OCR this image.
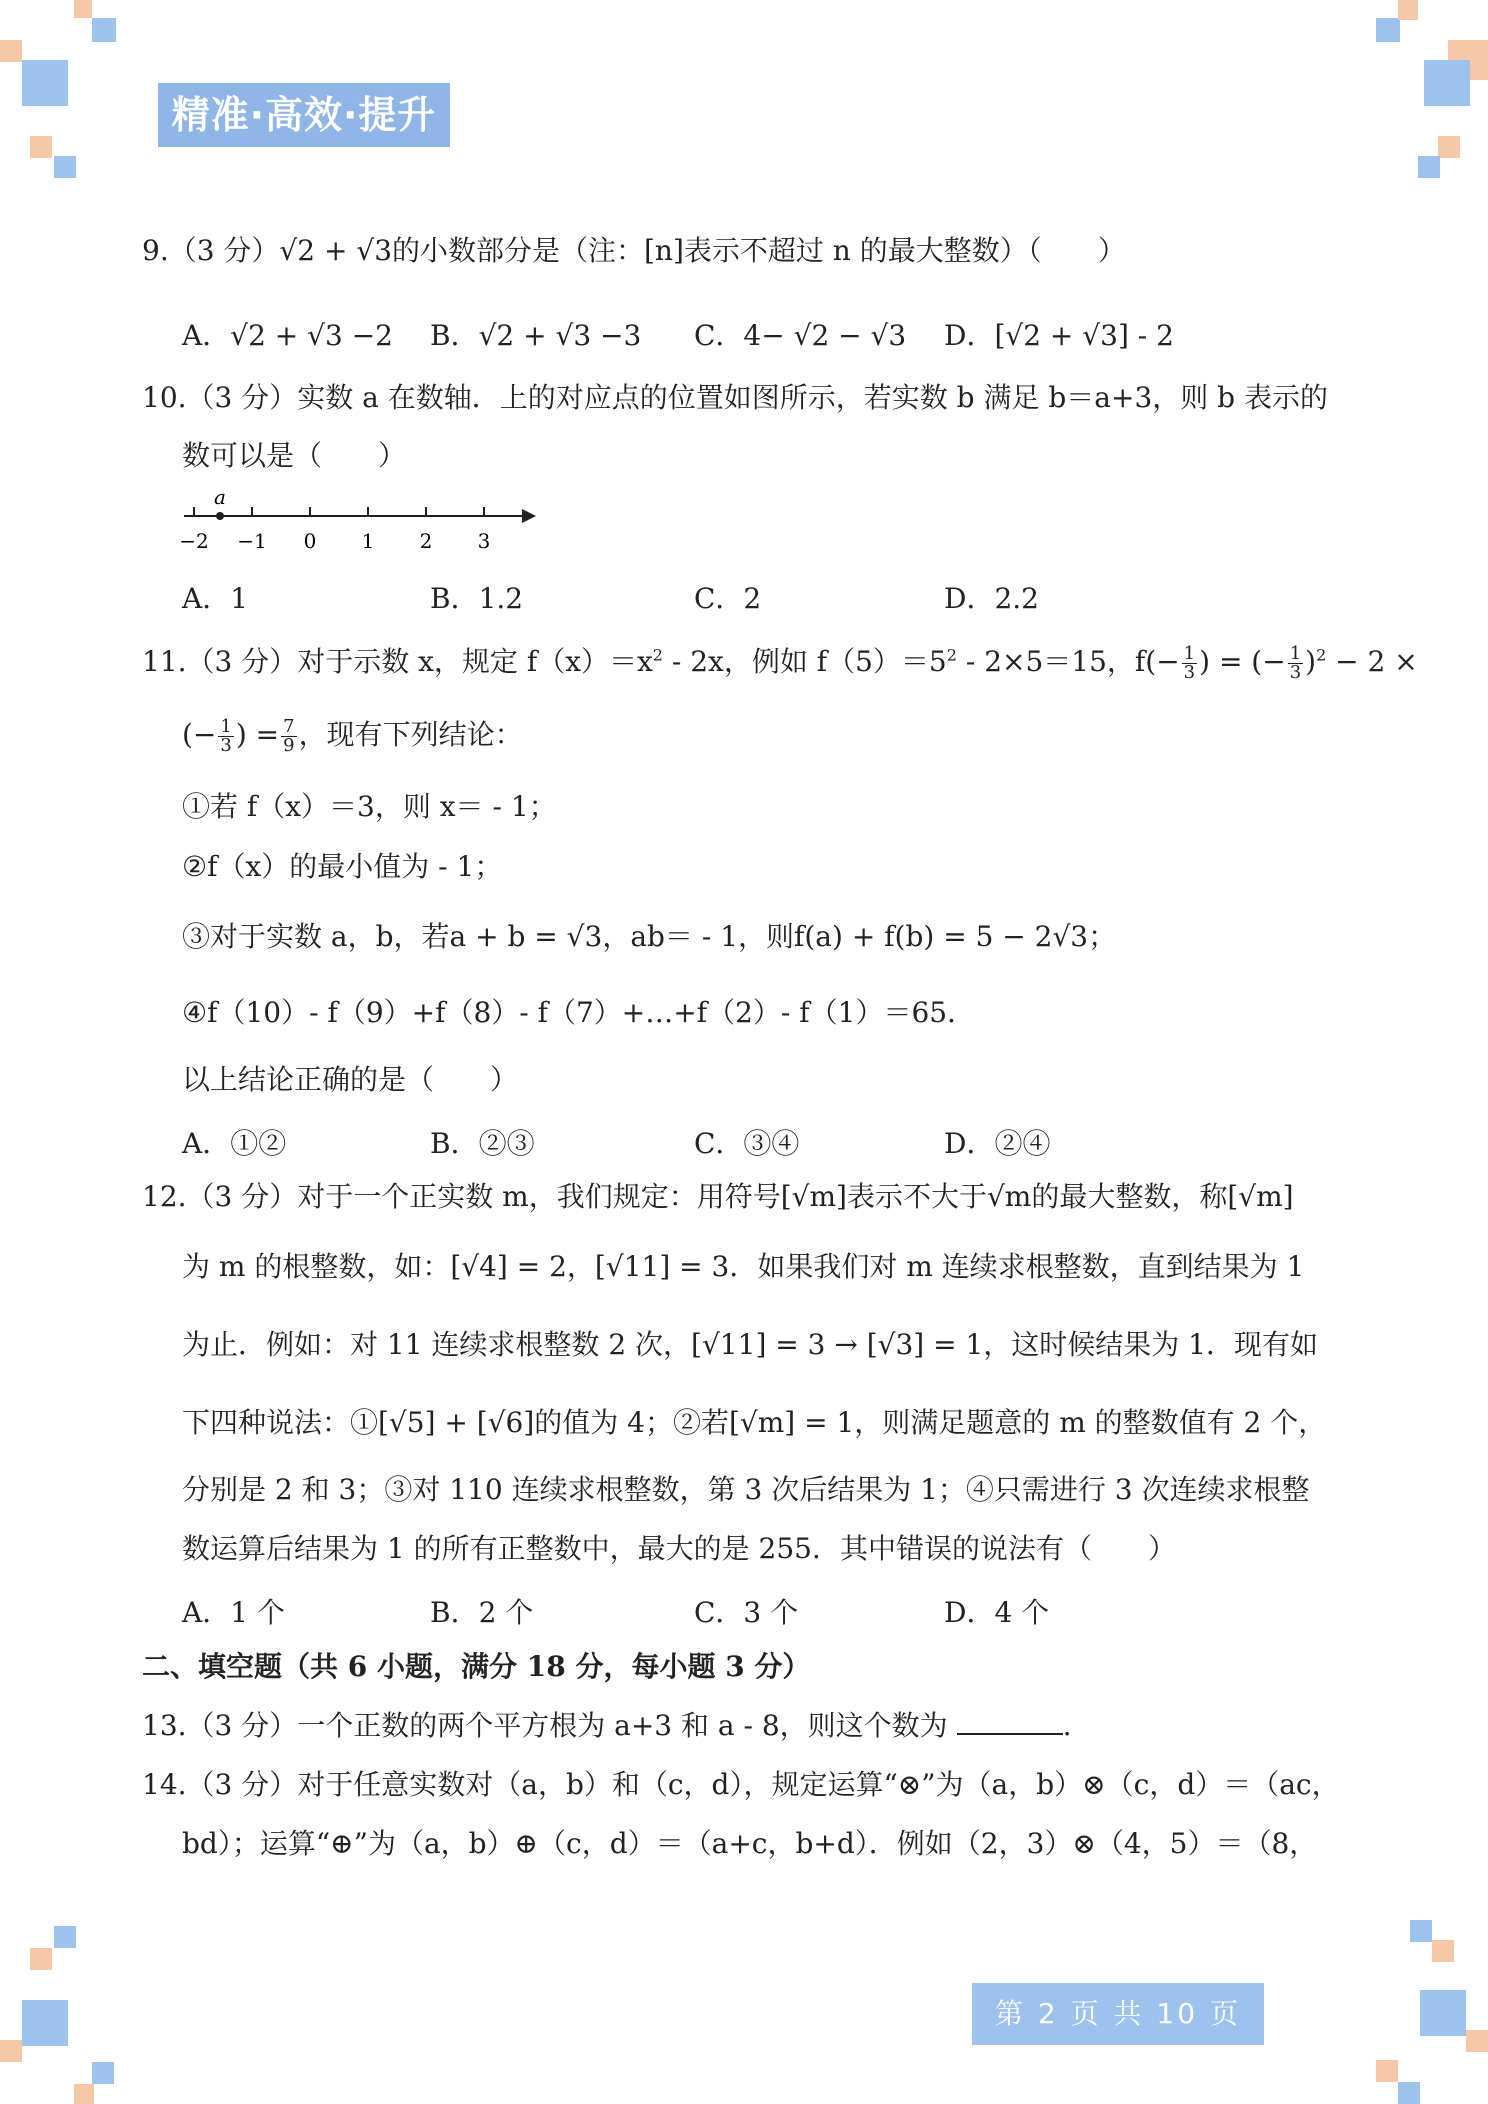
精准·高效·提升
9.（3 分）√2 + √3的小数部分是（注：[n]表示不超过 n 的最大整数）（　　）
A．√2 + √3 −2 B．√2 + √3 −3 C．4− √2 − √3 D．[√2 + √3] - 2
10.（3 分）实数 a 在数轴．上的对应点的位置如图所示，若实数 b 满足 b＝a+3，则 b 表示的
数可以是（　　）
a
−2 −1 0 1 2 3
A．1	B．1.2	C．2	D．2.2
11.（3 分）对于示数 x，规定 $f(x)=x^2 - 2x$，例如 $f(5)=5^2 - 2\times 5=15$，$f(- \frac{1}{3}$ ) = (− $\frac{1}{3} )^2 - 2$ ×
(− $\frac{1}{3}$ ) = $\frac{7}{9}$ ，现有下列结论：
①若 f（x）＝3，则 x＝ - 1；
②f（x）的最小值为 - 1；
③对于实数 a，b，若a + b = √3，ab＝ - 1，则f(a) + f(b) = 5 − 2√3；
④f（10）- f（9）+f（8）- f（7）+…+f（2）- f（1）＝65．
以上结论正确的是（　　）
A．①②	B．②③	C．③④	D．②④
12.（3 分）对于一个正实数 m，我们规定：用符号[√m]表示不大于√m的最大整数，称[√m]
为 m 的根整数，如：[√4] = 2，[√11] = 3．如果我们对 m 连续求根整数，直到结果为 1
为止．例如：对 11 连续求根整数 2 次，[√11] = 3 → [√3] = 1，这时候结果为 1．现有如
下四种说法：①[√5] + [√6]的值为 4；②若[√m] = 1，则满足题意的 m 的整数值有 2 个，
分别是 2 和 3；③对 110 连续求根整数，第 3 次后结果为 1；④只需进行 3 次连续求根整
数运算后结果为 1 的所有正整数中，最大的是 255．其中错误的说法有（　　）
A．1 个	B．2 个	C．3 个	D．4 个
二、填空题（共 6 小题，满分 18 分，每小题 3 分）
13.（3 分）一个正数的两个平方根为 a+3 和 a - 8，则这个数为	.
14.（3 分）对于任意实数对（a，b）和（c，d），规定运算“⊗”为（a，b）⊗（c，d）＝（ac，
bd）；运算“⊕”为（a，b）⊕（c，d）＝（a+c，b+d）．例如（2，3）⊗（4，5）＝（8，
第 2 页 共 10 页
